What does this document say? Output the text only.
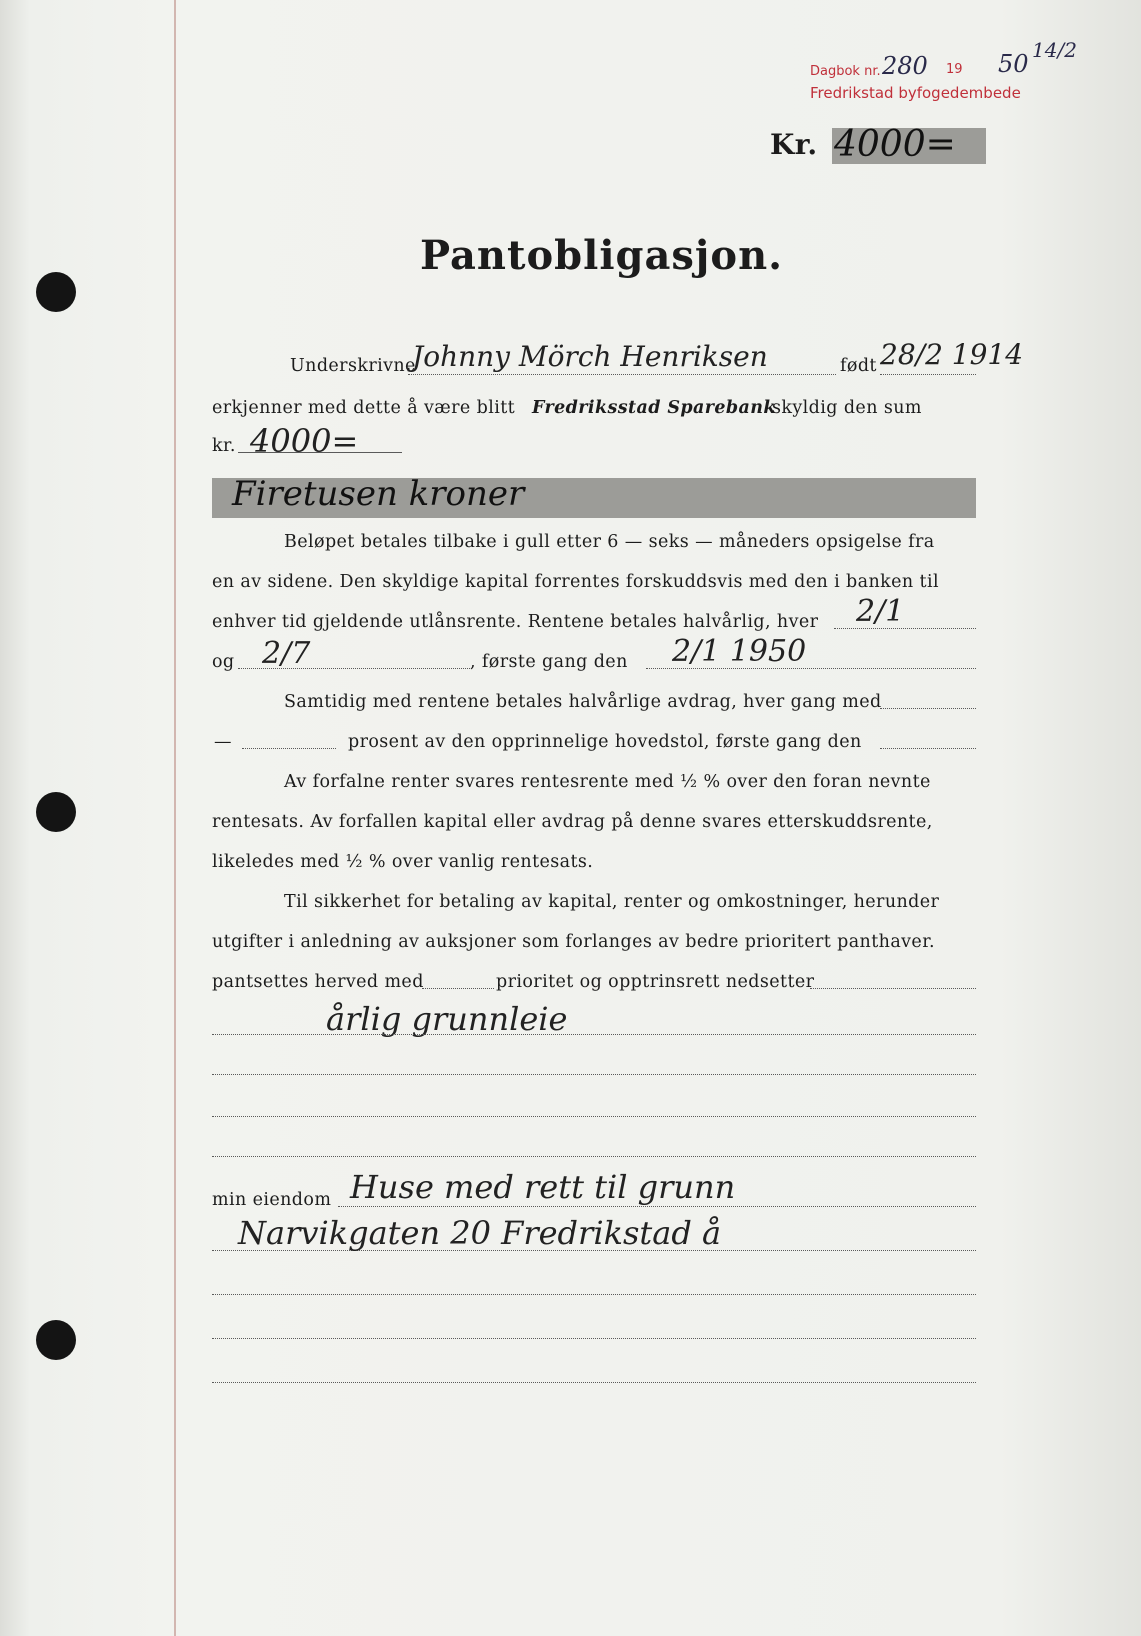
Dagbok nr. 280 19 50 14/2
Fredrikstad byfogedembede
Kr. 4000=
Pantobligasjon.
Underskrivne
Johnny Mörch Henriksen	født 28/2 1914
erkjenner med dette å være blitt Fredriksstad Sparebank
skyldig den sum
kr. 4000=
Firetusen kroner
Beløpet betales tilbake i gull etter 6 — seks — måneders opsigelse fra
en av sidene. Den skyldige kapital forrentes forskuddsvis med den i banken til
enhver tid gjeldende utlånsrente. Rentene betales halvårlig, hver 2/1
og 2/7	, første gang den 2/1 1950
Samtidig med rentene betales halvårlige avdrag, hver gang med
—	prosent av den opprinnelige hovedstol, første gang den
Av forfalne renter svares rentesrente med ½ % over den foran nevnte
rentesats. Av forfallen kapital eller avdrag på denne svares etterskuddsrente,
likeledes med ½ % over vanlig rentesats.
Til sikkerhet for betaling av kapital, renter og omkostninger, herunder
utgifter i anledning av auksjoner som forlanges av bedre prioritert panthaver.
pantsettes herved med	prioritet og opptrinsrett nedsetter
årlig grunnleie
min eiendom Huse med rett til grunn
Narvikgaten 20 Fredrikstad å
